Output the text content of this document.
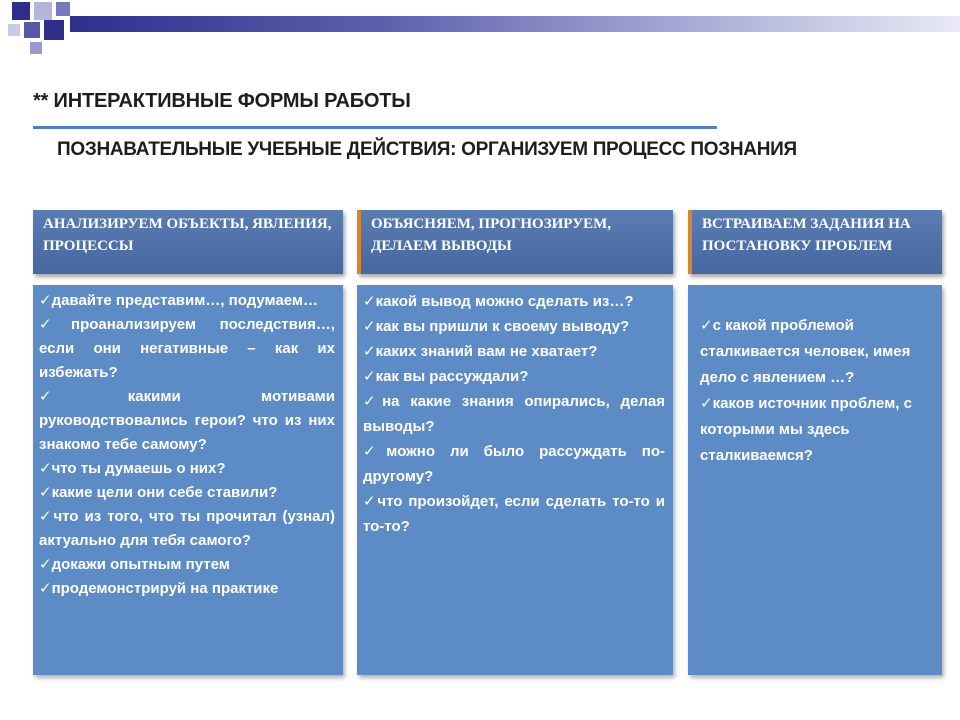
** ИНТЕРАКТИВНЫЕ ФОРМЫ РАБОТЫ
ПОЗНАВАТЕЛЬНЫЕ УЧЕБНЫЕ ДЕЙСТВИЯ: ОРГАНИЗУЕМ ПРОЦЕСС ПОЗНАНИЯ
АНАЛИЗИРУЕМ ОБЪЕКТЫ, ЯВЛЕНИЯ, ПРОЦЕССЫ

✓давайте представим…, подумаем…

✓проанализируем последствия…, если они негативные – как их избежать?

✓какими мотивами руководствовались герои? что из них знакомо тебе самому?

✓что ты думаешь о них?

✓какие цели они себе ставили?

✓что из того, что ты прочитал (узнал) актуально для тебя самого?

✓докажи опытным путем

✓продемонстрируй на практике

ОБЪЯСНЯЕМ, ПРОГНОЗИРУЕМ, ДЕЛАЕМ ВЫВОДЫ

✓какой вывод можно сделать из…?

✓как вы пришли к своему выводу?

✓каких знаний вам не хватает?

✓как вы рассуждали?

✓на какие знания опирались, делая выводы?

✓можно ли было рассуждать по-другому?

✓что произойдет, если сделать то-то и то-то?

ВСТРАИВАЕМ ЗАДАНИЯ НА ПОСТАНОВКУ ПРОБЛЕМ

✓с какой проблемой сталкивается человек, имея дело с явлением …?

✓каков источник проблем, с которыми мы здесь сталкиваемся?
